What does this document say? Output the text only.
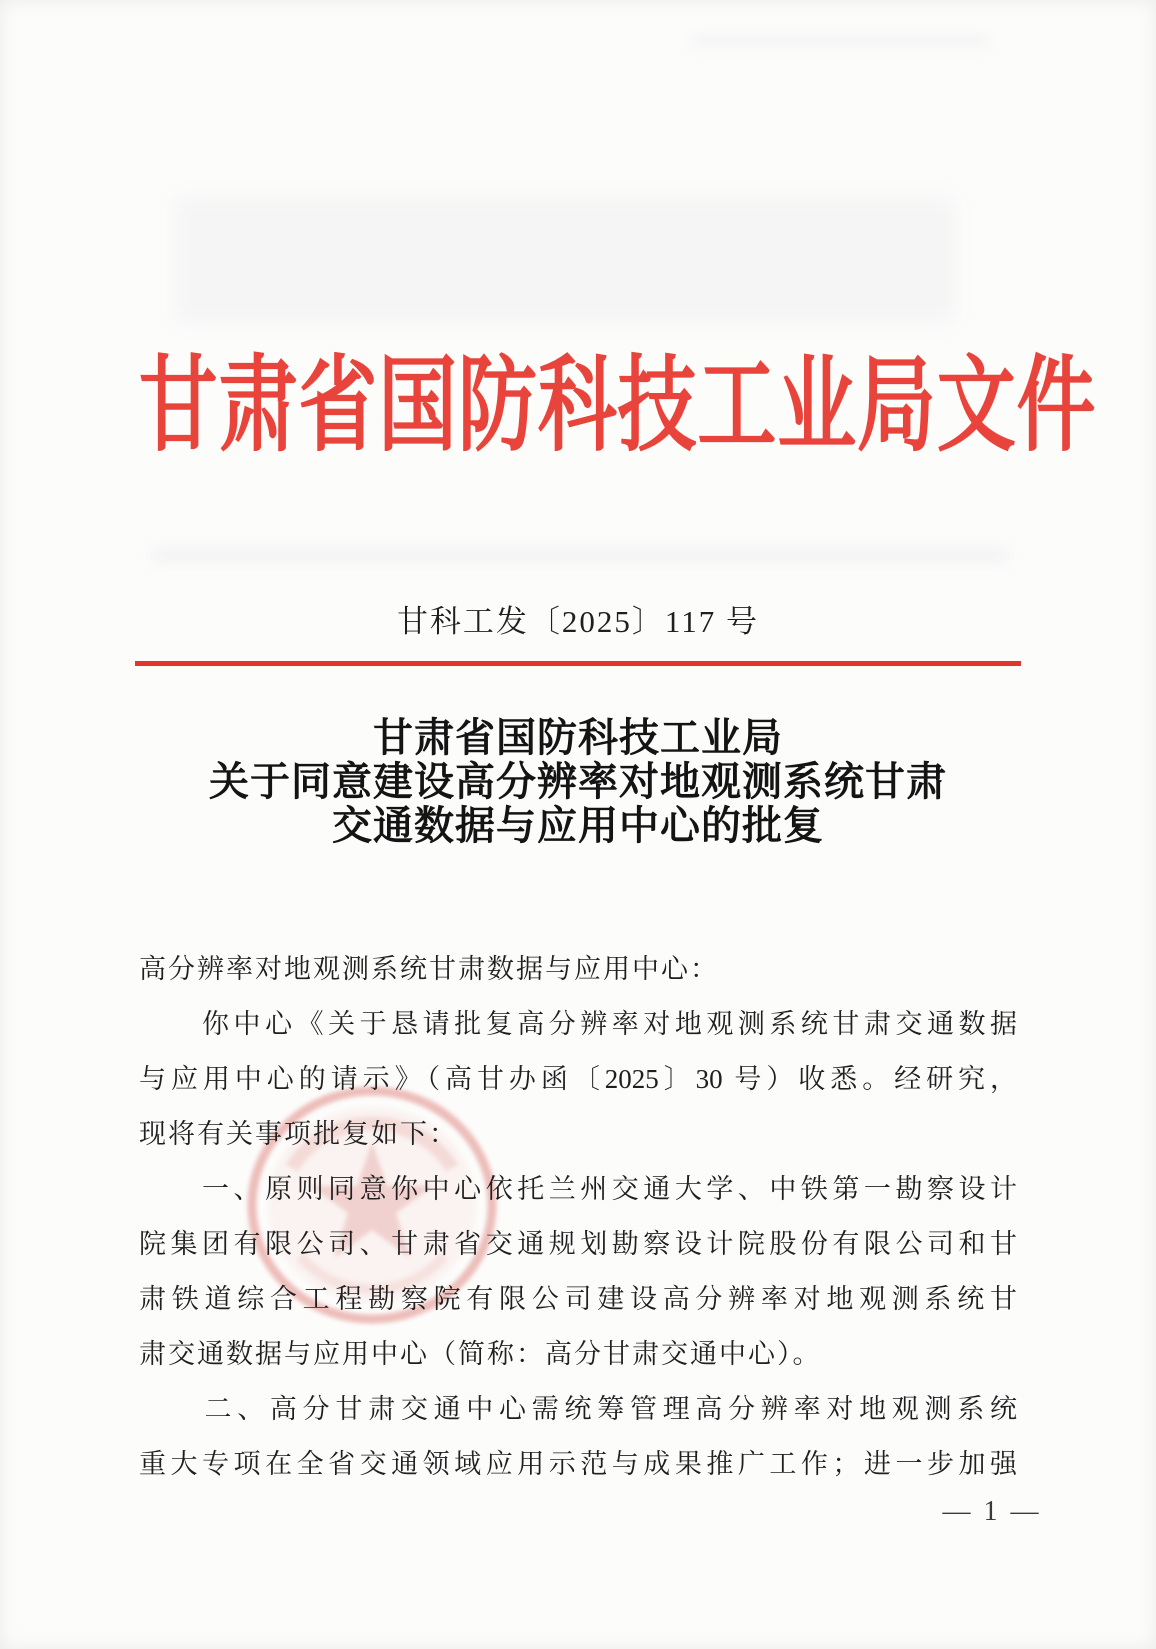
甘肃省国防科技工业局文件
甘科工发〔2025〕117 号
甘肃省国防科技工业局
关于同意建设高分辨率对地观测系统甘肃
交通数据与应用中心的批复
高分辨率对地观测系统甘肃数据与应用中心：
　　你中心《关于恳请批复高分辨率对地观测系统甘肃交通数据
与应用中心的请示》（高甘办函〔2025〕30 号）收悉。经研究，
现将有关事项批复如下：
　　一、原则同意你中心依托兰州交通大学、中铁第一勘察设计
院集团有限公司、甘肃省交通规划勘察设计院股份有限公司和甘
肃铁道综合工程勘察院有限公司建设高分辨率对地观测系统甘
肃交通数据与应用中心（简称：高分甘肃交通中心）。
　　二、高分甘肃交通中心需统筹管理高分辨率对地观测系统
重大专项在全省交通领域应用示范与成果推广工作；进一步加强
— 1 —
